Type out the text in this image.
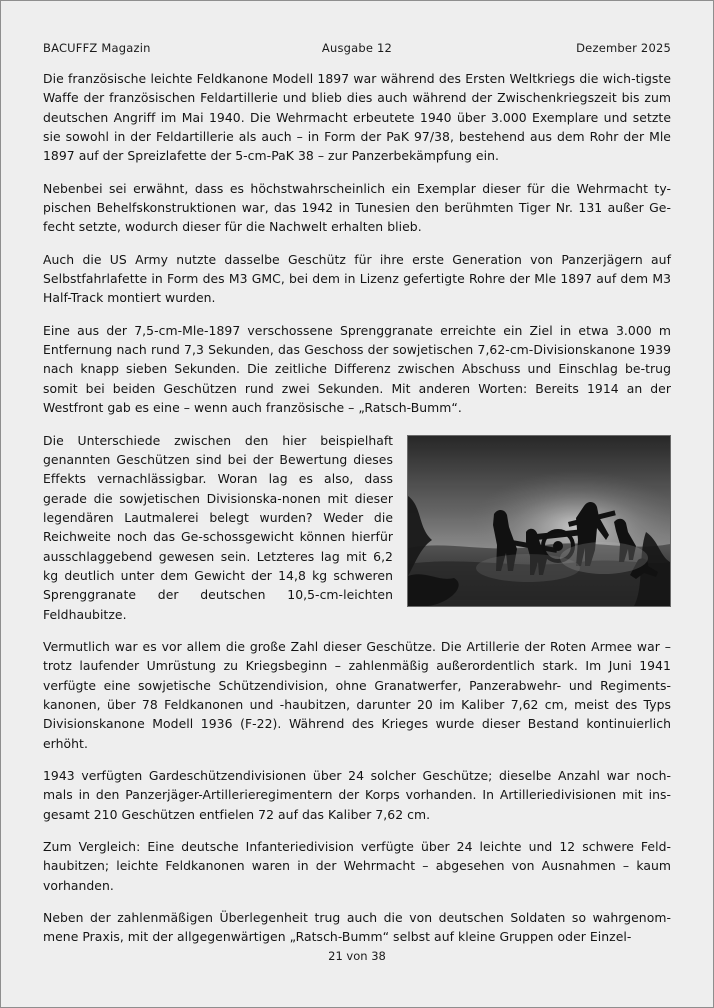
BACUFFZ Magazin	Ausgabe 12	Dezember 2025

Die französische leichte Feldkanone Modell 1897 war während des Ersten Weltkriegs die wich-tigste Waffe der französischen Feldartillerie und blieb dies auch während der Zwischenkriegszeit bis zum deutschen Angriff im Mai 1940. Die Wehrmacht erbeutete 1940 über 3.000 Exemplare und setzte sie sowohl in der Feldartillerie als auch – in Form der PaK 97/38, bestehend aus dem Rohr der Mle 1897 auf der Spreizlafette der 5-cm-PaK 38 – zur Panzerbekämpfung ein.

Nebenbei sei erwähnt, dass es höchstwahrscheinlich ein Exemplar dieser für die Wehrmacht ty-pischen Behelfskonstruktionen war, das 1942 in Tunesien den berühmten Tiger Nr. 131 außer Ge-fecht setzte, wodurch dieser für die Nachwelt erhalten blieb.

Auch die US Army nutzte dasselbe Geschütz für ihre erste Generation von Panzerjägern auf Selbstfahrlafette in Form des M3 GMC, bei dem in Lizenz gefertigte Rohre der Mle 1897 auf dem M3 Half-Track montiert wurden.

Eine aus der 7,5-cm-Mle-1897 verschossene Sprenggranate erreichte ein Ziel in etwa 3.000 m Entfernung nach rund 7,3 Sekunden, das Geschoss der sowjetischen 7,62-cm-Divisionskanone 1939 nach knapp sieben Sekunden. Die zeitliche Differenz zwischen Abschuss und Einschlag be-trug somit bei beiden Geschützen rund zwei Sekunden. Mit anderen Worten: Bereits 1914 an der Westfront gab es eine – wenn auch französische – „Ratsch-Bumm“.

Die Unterschiede zwischen den hier beispielhaft genannten Geschützen sind bei der Bewertung dieses Effekts vernachlässigbar. Woran lag es also, dass gerade die sowjetischen Divisionska-nonen mit dieser legendären Lautmalerei belegt wurden? Weder die Reichweite noch das Ge-schossgewicht können hierfür ausschlaggebend gewesen sein. Letzteres lag mit 6,2 kg deutlich unter dem Gewicht der 14,8 kg schweren Sprenggranate der deutschen 10,5-cm-leichten Feldhaubitze.

Vermutlich war es vor allem die große Zahl dieser Geschütze. Die Artillerie der Roten Armee war – trotz laufender Umrüstung zu Kriegsbeginn – zahlenmäßig außerordentlich stark. Im Juni 1941 verfügte eine sowjetische Schützendivision, ohne Granatwerfer, Panzerabwehr- und Regiments-kanonen, über 78 Feldkanonen und -haubitzen, darunter 20 im Kaliber 7,62 cm, meist des Typs Divisionskanone Modell 1936 (F-22). Während des Krieges wurde dieser Bestand kontinuierlich erhöht.

1943 verfügten Gardeschützendivisionen über 24 solcher Geschütze; dieselbe Anzahl war noch-mals in den Panzerjäger-Artillerieregimentern der Korps vorhanden. In Artilleriedivisionen mit ins-gesamt 210 Geschützen entfielen 72 auf das Kaliber 7,62 cm.

Zum Vergleich: Eine deutsche Infanteriedivision verfügte über 24 leichte und 12 schwere Feld-haubitzen; leichte Feldkanonen waren in der Wehrmacht – abgesehen von Ausnahmen – kaum vorhanden.

Neben der zahlenmäßigen Überlegenheit trug auch die von deutschen Soldaten so wahrgenom-mene Praxis, mit der allgegenwärtigen „Ratsch-Bumm“ selbst auf kleine Gruppen oder Einzel-

21 von 38
